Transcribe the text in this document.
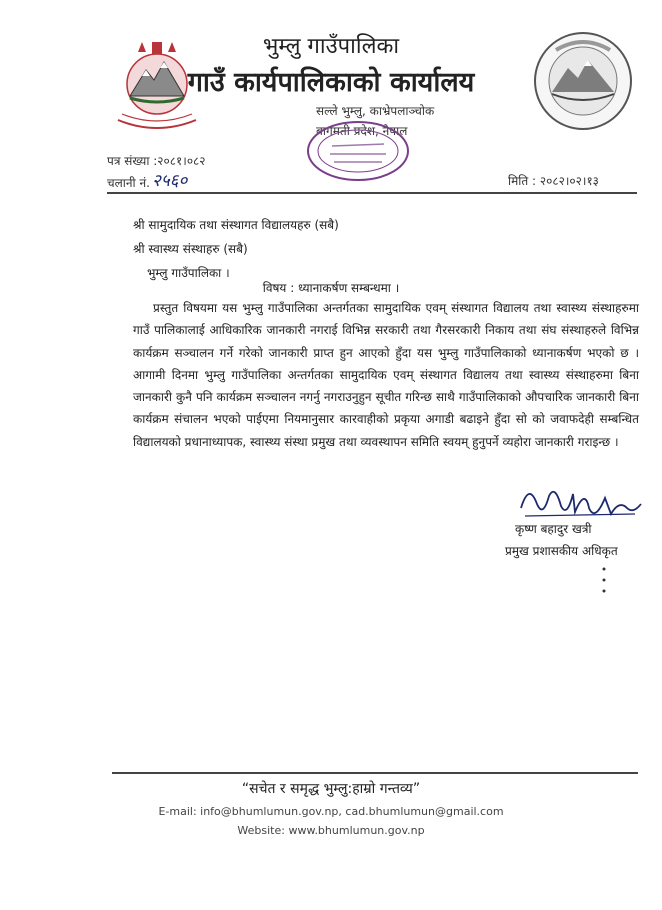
भुम्लु गाउँपालिका
गाउँ कार्यपालिकाको कार्यालय
सल्ले भुम्लु, काभ्रेपलाञ्चोक
बागमती प्रदेश, नेपाल
पत्र संख्या :२०८१।०८२
चलानी नं. २५६०	मिति : २०८२।०२।१३
श्री सामुदायिक तथा संस्थागत विद्यालयहरु (सबै)
श्री स्वास्थ्य संस्थाहरु (सबै)
भुम्लु गाउँपालिका ।
विषय : ध्यानाकर्षण सम्बन्धमा ।

प्रस्तुत विषयमा यस भुम्लु गाउँपालिका अन्तर्गतका सामुदायिक एवम् संस्थागत विद्यालय तथा स्वास्थ्य संस्थाहरुमा गाउँ पालिकालाई आधिकारिक जानकारी नगराई विभिन्न सरकारी तथा गैरसरकारी निकाय तथा संघ संस्थाहरुले विभिन्न कार्यक्रम सञ्चालन गर्ने गरेको जानकारी प्राप्त हुन आएको हुँदा यस भुम्लु गाउँपालिकाको ध्यानाकर्षण भएको छ । आगामी दिनमा भुम्लु गाउँपालिका अन्तर्गतका सामुदायिक एवम् संस्थागत विद्यालय तथा स्वास्थ्य संस्थाहरुमा बिना जानकारी कुनै पनि कार्यक्रम सञ्चालन नगर्नु नगराउनुहुन सूचीत गरिन्छ साथै गाउँपालिकाको औपचारिक जानकारी बिना कार्यक्रम संचालन भएको पाईएमा नियमानुसार कारवाहीको प्रकृया अगाडी बढाइने हुँदा सो को जवाफदेही सम्बन्धित विद्यालयको प्रधानाध्यापक, स्वास्थ्य संस्था प्रमुख तथा व्यवस्थापन समिति स्वयम् हुनुपर्ने व्यहोरा जानकारी गराइन्छ ।

कृष्ण बहादुर खत्री
प्रमुख प्रशासकीय अधिकृत
“सचेत र समृद्ध भुम्लु:हाम्रो गन्तव्य”
E-mail: info@bhumlumun.gov.np, cad.bhumlumun@gmail.com
Website: www.bhumlumun.gov.np
